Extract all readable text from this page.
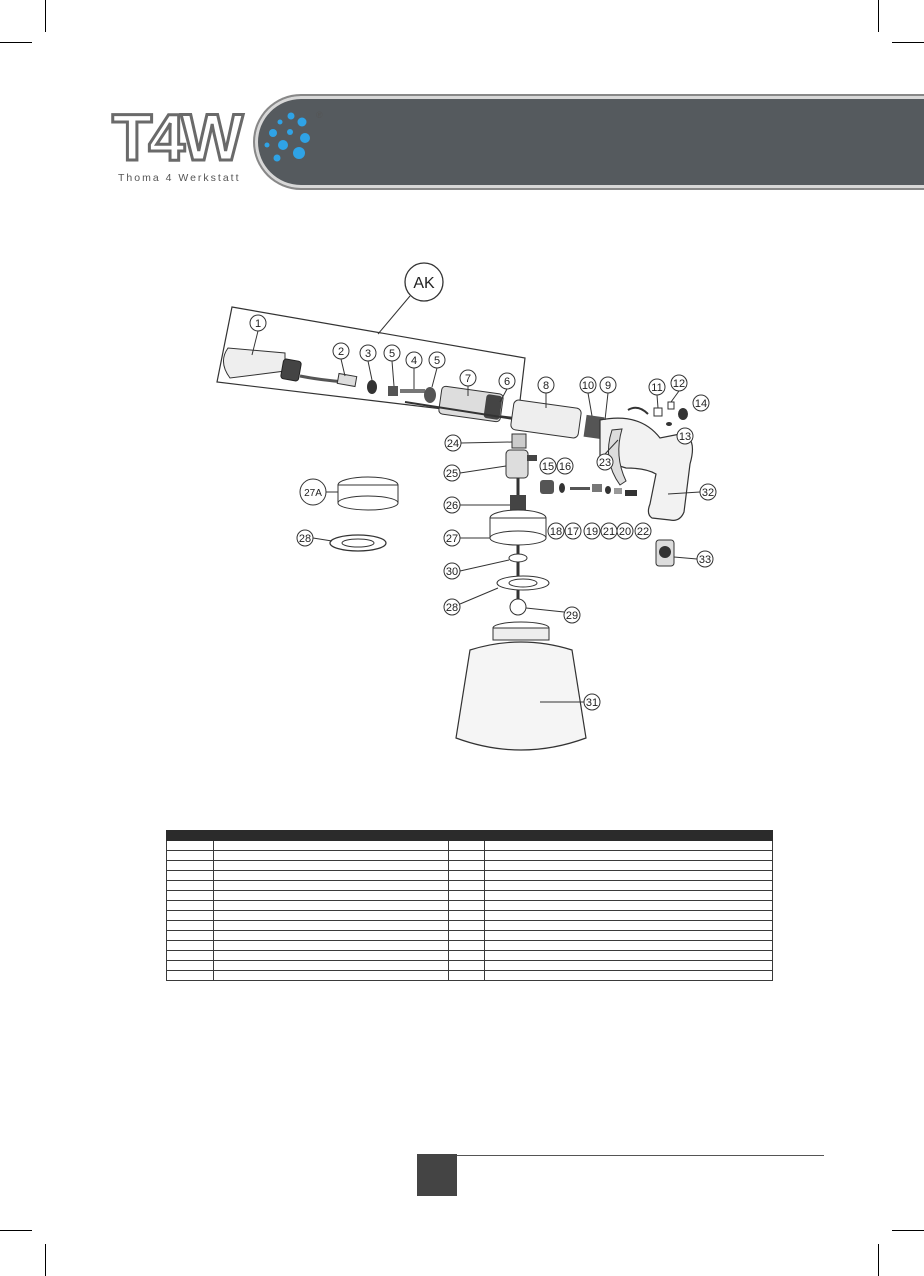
T4W
Thoma 4 Werkstatt
®
AK
1
2 3 5
4 5
7	6	8	10 9	11 12
14
13
23
24
25
15 16
32
27A
26
18 17 19 21 20 22
28	27
33
30
28
29
31
